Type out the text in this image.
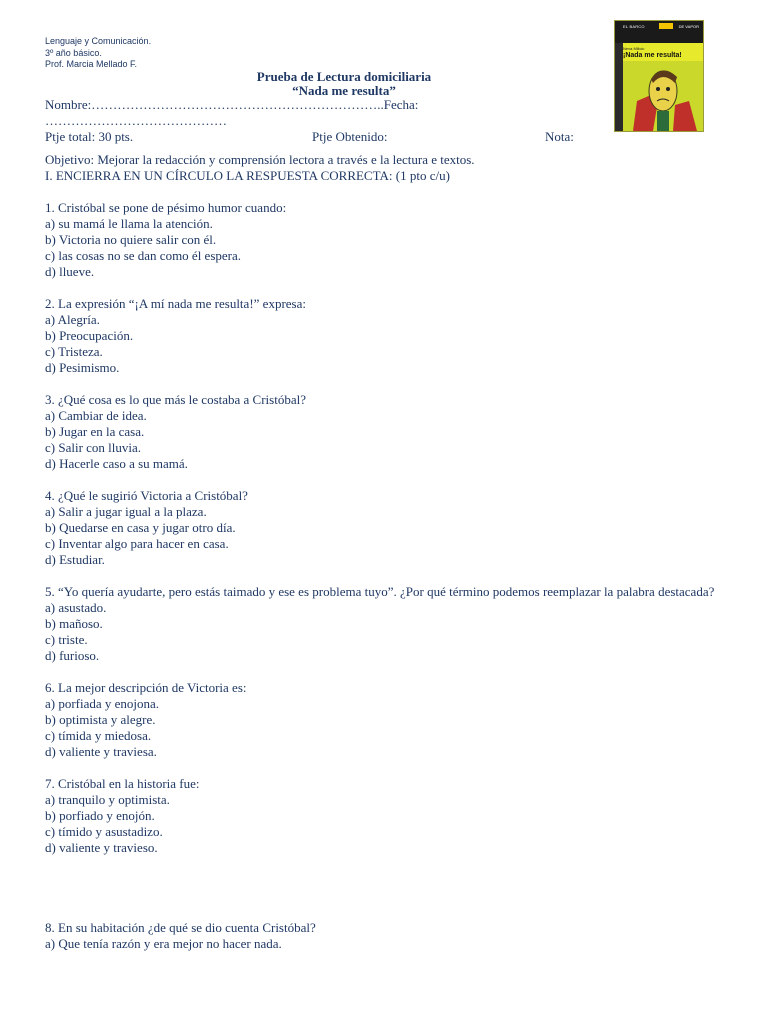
Lenguaje y Comunicación.
3º año básico.
Prof. Marcia Mellado F.
EL BARCO	DE VAPOR
Neva Milicic
¡Nada me resulta!
Prueba de Lectura domiciliaria
“Nada me resulta”
Nombre:…………………………………………………………..Fecha:
……………………………………
Ptje total: 30 pts.	Ptje Obtenido:	Nota:
Objetivo: Mejorar la redacción y comprensión lectora a través e la lectura e textos.
I. ENCIERRA EN UN CÍRCULO LA RESPUESTA CORRECTA: (1 pto c/u)
1. Cristóbal se pone de pésimo humor cuando:
a) su mamá le llama la atención.
b) Victoria no quiere salir con él.
c) las cosas no se dan como él espera.
d) llueve.
2. La expresión “¡A mí nada me resulta!” expresa:
a) Alegría.
b) Preocupación.
c) Tristeza.
d) Pesimismo.
3. ¿Qué cosa es lo que más le costaba a Cristóbal?
a) Cambiar de idea.
b) Jugar en la casa.
c) Salir con lluvia.
d) Hacerle caso a su mamá.
4. ¿Qué le sugirió Victoria a Cristóbal?
a) Salir a jugar igual a la plaza.
b) Quedarse en casa y jugar otro día.
c) Inventar algo para hacer en casa.
d) Estudiar.
5. “Yo quería ayudarte, pero estás taimado y ese es problema tuyo”. ¿Por qué término podemos reemplazar la palabra destacada?
a) asustado.
b) mañoso.
c) triste.
d) furioso.
6. La mejor descripción de Victoria es:
a) porfiada y enojona.
b) optimista y alegre.
c) tímida y miedosa.
d) valiente y traviesa.
7. Cristóbal en la historia fue:
a) tranquilo y optimista.
b) porfiado y enojón.
c) tímido y asustadizo.
d) valiente y travieso.
8. En su habitación ¿de qué se dio cuenta Cristóbal?
a) Que tenía razón y era mejor no hacer nada.
